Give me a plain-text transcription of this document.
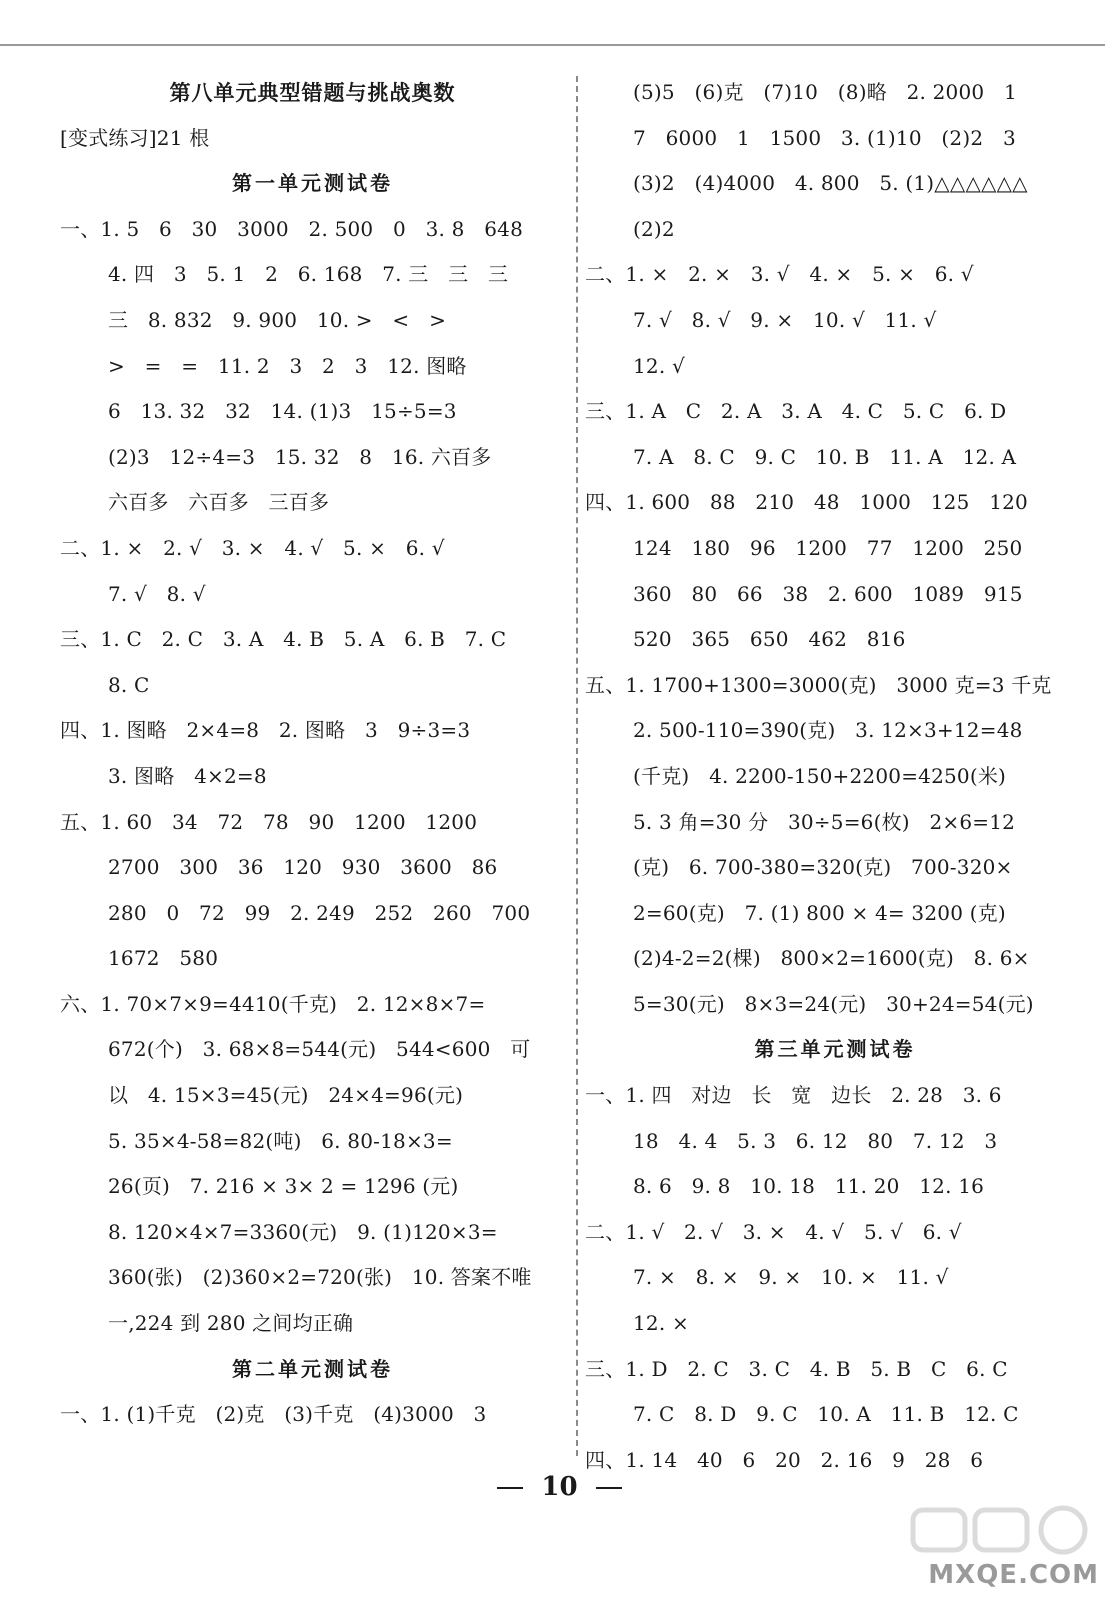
第八单元典型错题与挑战奥数
[变式练习]21 根
第一单元测试卷
一、1. 5   6   30   3000   2. 500   0   3. 8   648
4. 四   3   5. 1   2   6. 168   7. 三   三   三
三   8. 832   9. 900   10. >   <   >
>   =   =   11. 2   3   2   3   12. 图略
6   13. 32   32   14. (1)3   15÷5=3
(2)3   12÷4=3   15. 32   8   16. 六百多
六百多   六百多   三百多
二、1. ×   2. √   3. ×   4. √   5. ×   6. √
7. √   8. √
三、1. C   2. C   3. A   4. B   5. A   6. B   7. C
8. C
四、1. 图略   2×4=8   2. 图略   3   9÷3=3
3. 图略   4×2=8
五、1. 60   34   72   78   90   1200   1200
2700   300   36   120   930   3600   86
280   0   72   99   2. 249   252   260   700
1672   580
六、1. 70×7×9=4410(千克)   2. 12×8×7=
672(个)   3. 68×8=544(元)   544<600   可
以   4. 15×3=45(元)   24×4=96(元)
5. 35×4-58=82(吨)   6. 80-18×3=
26(页)   7. 216 × 3× 2 = 1296 (元)
8. 120×4×7=3360(元)   9. (1)120×3=
360(张)   (2)360×2=720(张)   10. 答案不唯
一,224 到 280 之间均正确
第二单元测试卷
一、1. (1)千克   (2)克   (3)千克   (4)3000   3
(5)5   (6)克   (7)10   (8)略   2. 2000   1
7   6000   1   1500   3. (1)10   (2)2   3
(3)2   (4)4000   4. 800   5. (1)△△△△△△
(2)2
二、1. ×   2. ×   3. √   4. ×   5. ×   6. √
7. √   8. √   9. ×   10. √   11. √
12. √
三、1. A   C   2. A   3. A   4. C   5. C   6. D
7. A   8. C   9. C   10. B   11. A   12. A
四、1. 600   88   210   48   1000   125   120
124   180   96   1200   77   1200   250
360   80   66   38   2. 600   1089   915
520   365   650   462   816
五、1. 1700+1300=3000(克)   3000 克=3 千克
2. 500-110=390(克)   3. 12×3+12=48
(千克)   4. 2200-150+2200=4250(米)
5. 3 角=30 分   30÷5=6(枚)   2×6=12
(克)   6. 700-380=320(克)   700-320×
2=60(克)   7. (1) 800 × 4= 3200 (克)
(2)4-2=2(棵)   800×2=1600(克)   8. 6×
5=30(元)   8×3=24(元)   30+24=54(元)
第三单元测试卷
一、1. 四   对边   长   宽   边长   2. 28   3. 6
18   4. 4   5. 3   6. 12   80   7. 12   3
8. 6   9. 8   10. 18   11. 20   12. 16
二、1. √   2. √   3. ×   4. √   5. √   6. √
7. ×   8. ×   9. ×   10. ×   11. √
12. ×
三、1. D   2. C   3. C   4. B   5. B   C   6. C
7. C   8. D   9. C   10. A   11. B   12. C
四、1. 14   40   6   20   2. 16   9   28   6
10
MXQE.COM
